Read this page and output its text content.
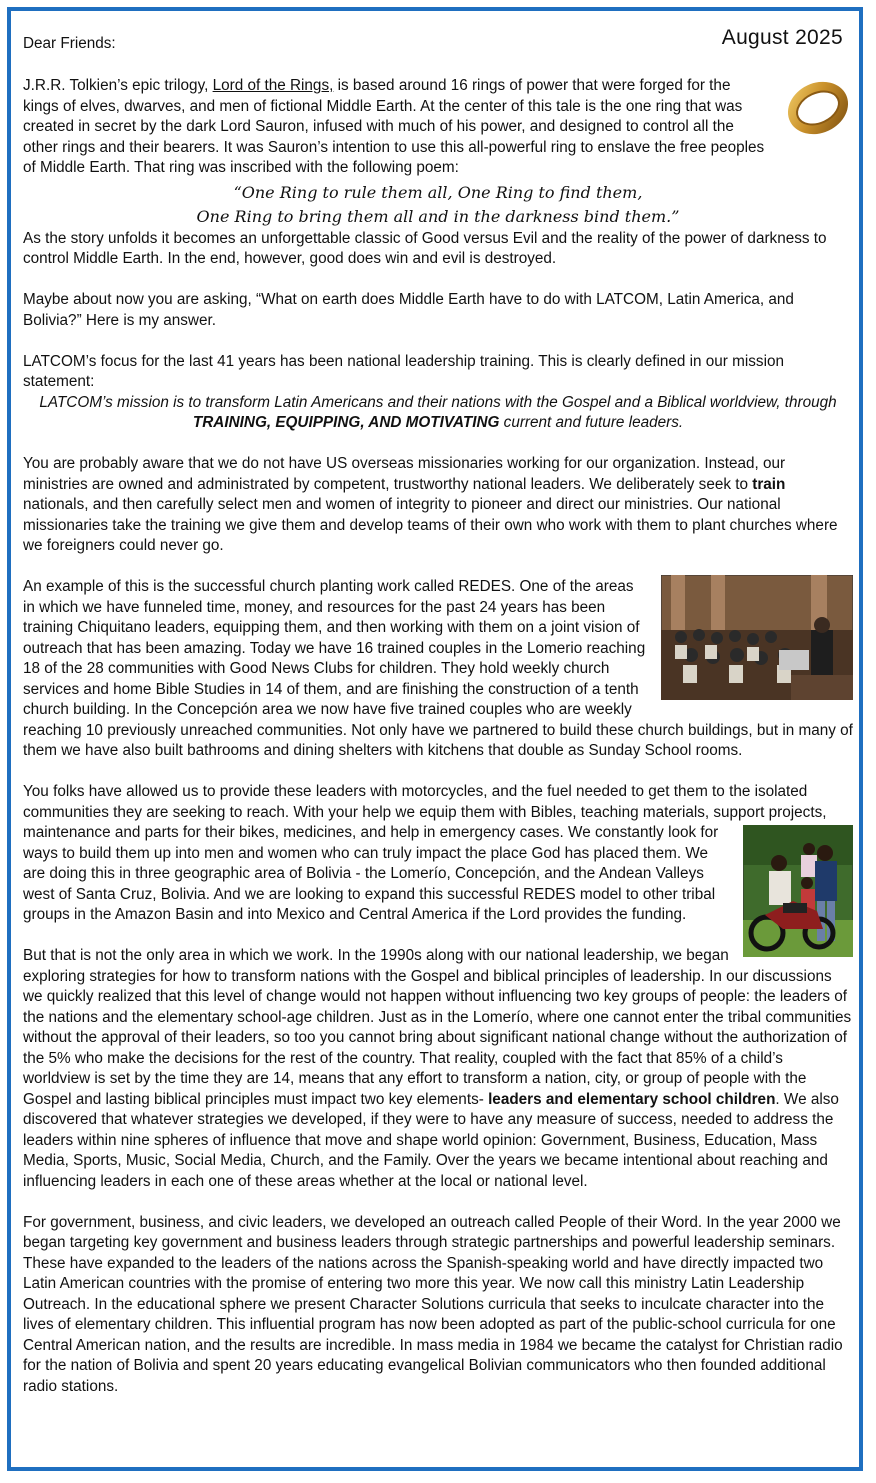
Dear Friends:	August 2025

J.R.R. Tolkien’s epic trilogy, Lord of the Rings, is based around 16 rings of power that were forged for the kings of elves, dwarves, and men of fictional Middle Earth. At the center of this tale is the one ring that was created in secret by the dark Lord Sauron, infused with much of his power, and designed to control all the other rings and their bearers. It was Sauron’s intention to use this all-powerful ring to enslave the free peoples of Middle Earth. That ring was inscribed with the following poem:

“One Ring to rule them all, One Ring to find them,
One Ring to bring them all and in the darkness bind them.”

As the story unfolds it becomes an unforgettable classic of Good versus Evil and the reality of the power of darkness to control Middle Earth. In the end, however, good does win and evil is destroyed.

Maybe about now you are asking, “What on earth does Middle Earth have to do with LATCOM, Latin America, and Bolivia?” Here is my answer.

LATCOM’s focus for the last 41 years has been national leadership training. This is clearly defined in our mission statement:

LATCOM’s mission is to transform Latin Americans and their nations with the Gospel and a Biblical worldview, through TRAINING, EQUIPPING, AND MOTIVATING current and future leaders.

You are probably aware that we do not have US overseas missionaries working for our organization. Instead, our ministries are owned and administrated by competent, trustworthy national leaders. We deliberately seek to train nationals, and then carefully select men and women of integrity to pioneer and direct our ministries. Our national missionaries take the training we give them and develop teams of their own who work with them to plant churches where we foreigners could never go.

An example of this is the successful church planting work called REDES. One of the areas in which we have funneled time, money, and resources for the past 24 years has been training Chiquitano leaders, equipping them, and then working with them on a joint vision of outreach that has been amazing. Today we have 16 trained couples in the Lomerio reaching 18 of the 28 communities with Good News Clubs for children. They hold weekly church services and home Bible Studies in 14 of them, and are finishing the construction of a tenth church building. In the Concepción area we now have five trained couples who are weekly reaching 10 previously unreached communities. Not only have we partnered to build these church buildings, but in many of them we have also built bathrooms and dining shelters with kitchens that double as Sunday School rooms.

You folks have allowed us to provide these leaders with motorcycles, and the fuel needed to get them to the isolated communities they are seeking to reach. With your help we equip them with Bibles, teaching materials, support projects, maintenance and parts for their bikes, medicines, and help in emergency cases. We constantly look for ways to build them up into men and women who can truly impact the place God has placed them. We are doing this in three geographic area of Bolivia - the Lomerío, Concepción, and the Andean Valleys west of Santa Cruz, Bolivia. And we are looking to expand this successful REDES model to other tribal groups in the Amazon Basin and into Mexico and Central America if the Lord provides the funding.

But that is not the only area in which we work. In the 1990s along with our national leadership, we began exploring strategies for how to transform nations with the Gospel and biblical principles of leadership. In our discussions we quickly realized that this level of change would not happen without influencing two key groups of people: the leaders of the nations and the elementary school-age children. Just as in the Lomerío, where one cannot enter the tribal communities without the approval of their leaders, so too you cannot bring about significant national change without the authorization of the 5% who make the decisions for the rest of the country. That reality, coupled with the fact that 85% of a child’s worldview is set by the time they are 14, means that any effort to transform a nation, city, or group of people with the Gospel and lasting biblical principles must impact two key elements- leaders and elementary school children. We also discovered that whatever strategies we developed, if they were to have any measure of success, needed to address the leaders within nine spheres of influence that move and shape world opinion: Government, Business, Education, Mass Media, Sports, Music, Social Media, Church, and the Family. Over the years we became intentional about reaching and influencing leaders in each one of these areas whether at the local or national level.

For government, business, and civic leaders, we developed an outreach called People of their Word. In the year 2000 we began targeting key government and business leaders through strategic partnerships and powerful leadership seminars. These have expanded to the leaders of the nations across the Spanish-speaking world and have directly impacted two Latin American countries with the promise of entering two more this year. We now call this ministry Latin Leadership Outreach. In the educational sphere we present Character Solutions curricula that seeks to inculcate character into the lives of elementary children. This influential program has now been adopted as part of the public-school curricula for one Central American nation, and the results are incredible. In mass media in 1984 we became the catalyst for Christian radio for the nation of Bolivia and spent 20 years educating evangelical Bolivian communicators who then founded additional radio stations.
